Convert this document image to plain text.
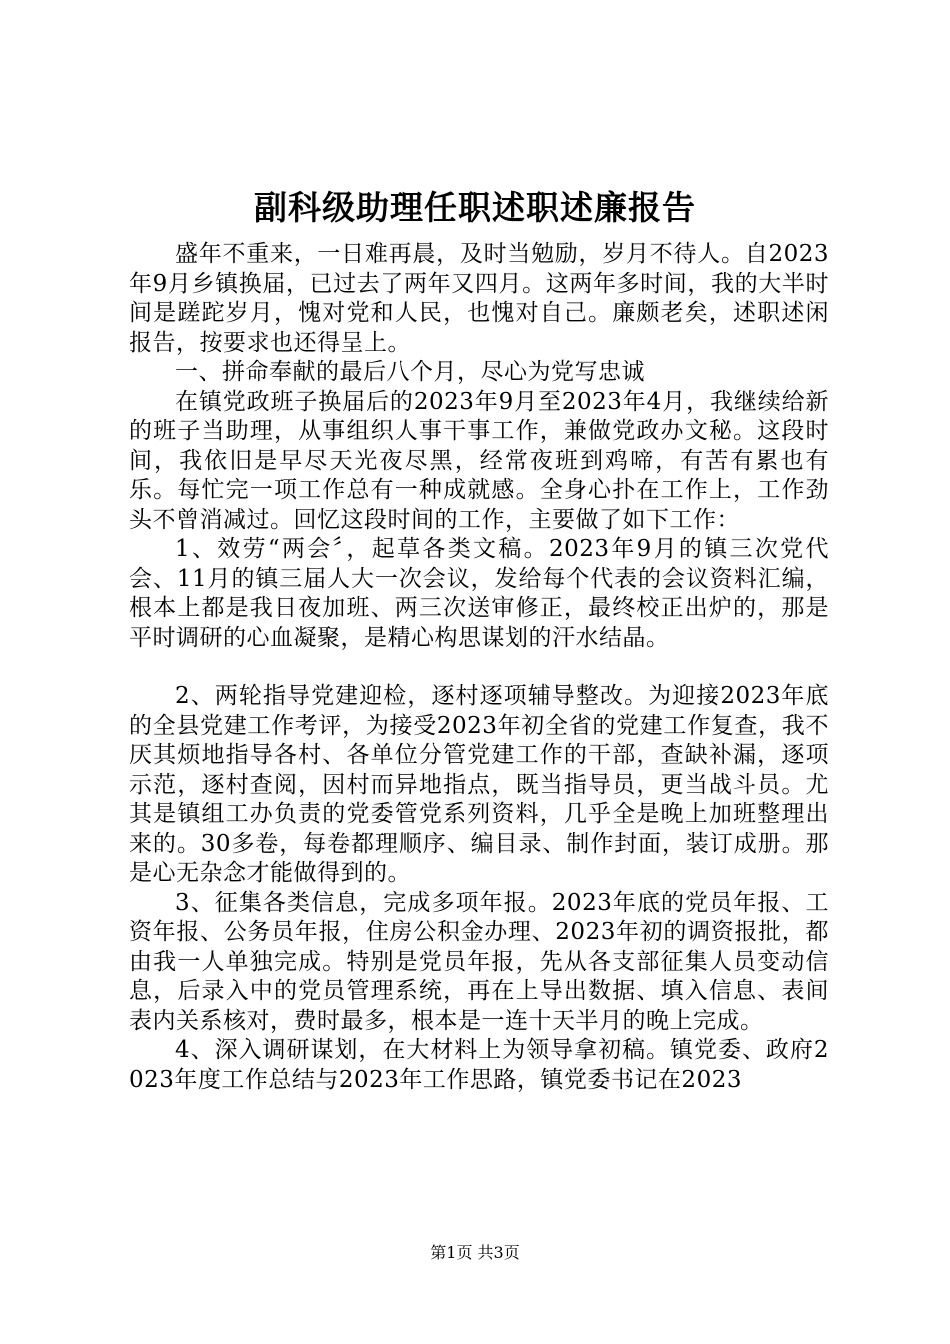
副科级助理任职述职述廉报告

盛年不重来，一日难再晨，及时当勉励，岁月不待人。自2023年9月乡镇换届，已过去了两年又四月。这两年多时间，我的大半时间是蹉跎岁月，愧对党和人民，也愧对自己。廉颇老矣，述职述闲报告，按要求也还得呈上。

一、拼命奉献的最后八个月，尽心为党写忠诚

在镇党政班子换届后的2023年9月至2023年4月，我继续给新的班子当助理，从事组织人事干事工作，兼做党政办文秘。这段时间，我依旧是早尽天光夜尽黑，经常夜班到鸡啼，有苦有累也有乐。每忙完一项工作总有一种成就感。全身心扑在工作上，工作劲头不曾消减过。回忆这段时间的工作，主要做了如下工作：

1、效劳“两会〞，起草各类文稿。2023年9月的镇三次党代会、11月的镇三届人大一次会议，发给每个代表的会议资料汇编，根本上都是我日夜加班、两三次送审修正，最终校正出炉的，那是平时调研的心血凝聚，是精心构思谋划的汗水结晶。

2、两轮指导党建迎检，逐村逐项辅导整改。为迎接2023年底的全县党建工作考评，为接受2023年初全省的党建工作复查，我不厌其烦地指导各村、各单位分管党建工作的干部，查缺补漏，逐项示范，逐村查阅，因村而异地指点，既当指导员，更当战斗员。尤其是镇组工办负责的党委管党系列资料，几乎全是晚上加班整理出来的。30多卷，每卷都理顺序、编目录、制作封面，装订成册。那是心无杂念才能做得到的。

3、征集各类信息，完成多项年报。2023年底的党员年报、工资年报、公务员年报，住房公积金办理、2023年初的调资报批，都由我一人单独完成。特别是党员年报，先从各支部征集人员变动信息，后录入中的党员管理系统，再在上导出数据、填入信息、表间表内关系核对，费时最多，根本是一连十天半月的晚上完成。

4、深入调研谋划，在大材料上为领导拿初稿。镇党委、政府2023年度工作总结与2023年工作思路，镇党委书记在2023

第1页 共3页
